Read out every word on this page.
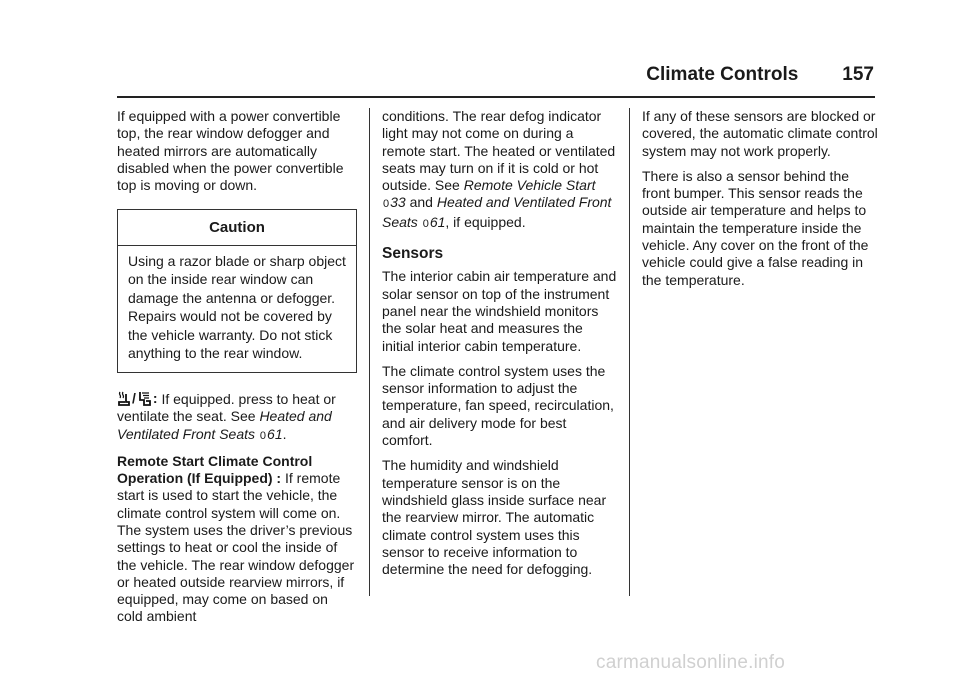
Climate Controls 157

If equipped with a power convertible top, the rear window defogger and heated mirrors are automatically disabled when the power convertible top is moving or down.

Caution
Using a razor blade or sharp object on the inside rear window can damage the antenna or defogger. Repairs would not be covered by the vehicle warranty. Do not stick anything to the rear window.

/ : If equipped. press to heat or ventilate the seat. See Heated and Ventilated Front Seats 061.

Remote Start Climate Control Operation (If Equipped) : If remote start is used to start the vehicle, the climate control system will come on. The system uses the driver’s previous settings to heat or cool the inside of the vehicle. The rear window defogger or heated outside rearview mirrors, if equipped, may come on based on cold ambient

conditions. The rear defog indicator light may not come on during a remote start. The heated or ventilated seats may turn on if it is cold or hot outside. See Remote Vehicle Start 033 and Heated and Ventilated Front Seats 061, if equipped.

Sensors

The interior cabin air temperature and solar sensor on top of the instrument panel near the windshield monitors the solar heat and measures the initial interior cabin temperature.

The climate control system uses the sensor information to adjust the temperature, fan speed, recirculation, and air delivery mode for best comfort.

The humidity and windshield temperature sensor is on the windshield glass inside surface near the rearview mirror. The automatic climate control system uses this sensor to receive information to determine the need for defogging.

If any of these sensors are blocked or covered, the automatic climate control system may not work properly.

There is also a sensor behind the front bumper. This sensor reads the outside air temperature and helps to maintain the temperature inside the vehicle. Any cover on the front of the vehicle could give a false reading in the temperature.

carmanualsonline.info
